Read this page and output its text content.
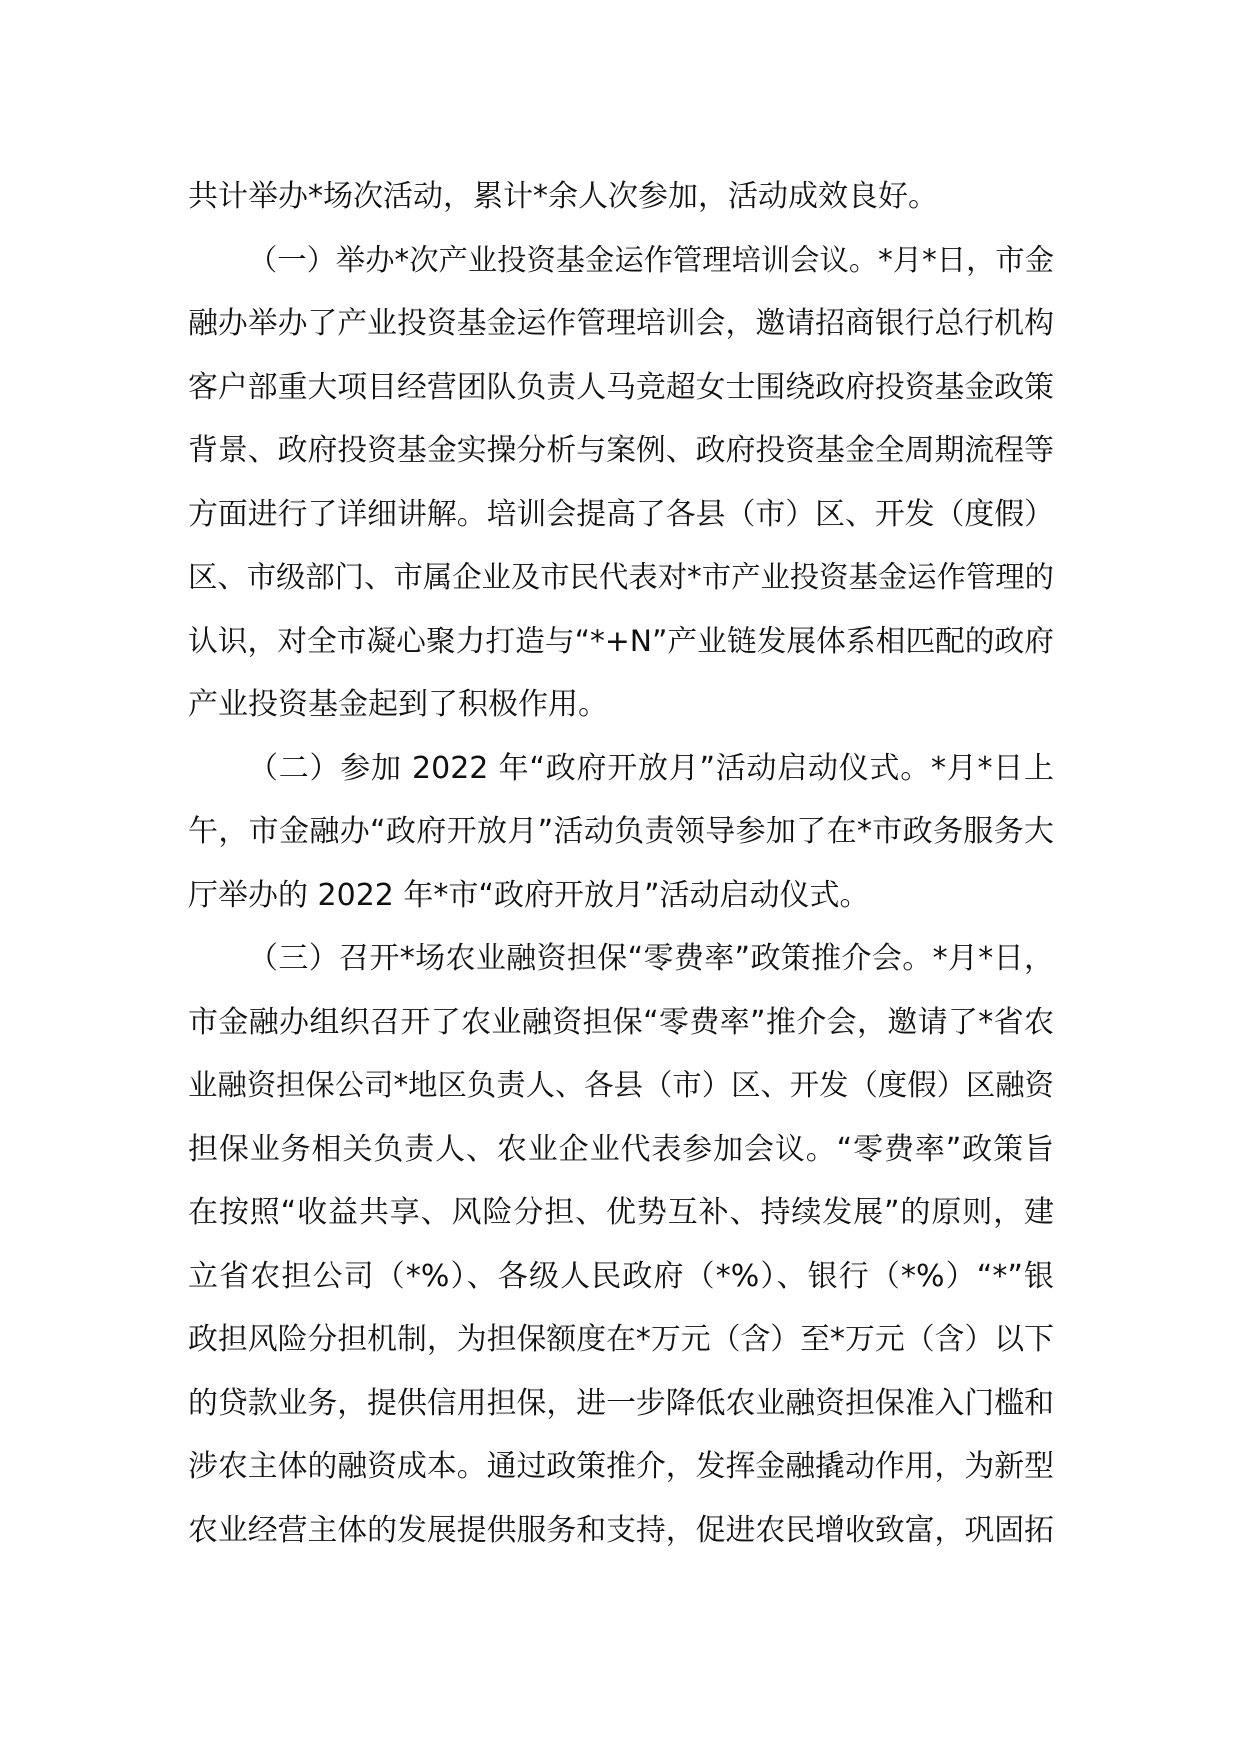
共计举办*场次活动，累计*余人次参加，活动成效良好。
（一）举办*次产业投资基金运作管理培训会议。*月*日，市金
融办举办了产业投资基金运作管理培训会，邀请招商银行总行机构
客户部重大项目经营团队负责人马竞超女士围绕政府投资基金政策
背景、政府投资基金实操分析与案例、政府投资基金全周期流程等
方面进行了详细讲解。培训会提高了各县（市）区、开发（度假）
区、市级部门、市属企业及市民代表对*市产业投资基金运作管理的
认识，对全市凝心聚力打造与“*+N”产业链发展体系相匹配的政府
产业投资基金起到了积极作用。
（二）参加 2022 年“政府开放月”活动启动仪式。*月*日上
午，市金融办“政府开放月”活动负责领导参加了在*市政务服务大
厅举办的 2022 年*市“政府开放月”活动启动仪式。
（三）召开*场农业融资担保“零费率”政策推介会。*月*日，
市金融办组织召开了农业融资担保“零费率”推介会，邀请了*省农
业融资担保公司*地区负责人、各县（市）区、开发（度假）区融资
担保业务相关负责人、农业企业代表参加会议。“零费率”政策旨
在按照“收益共享、风险分担、优势互补、持续发展”的原则，建
立省农担公司（*%）、各级人民政府（*%）、银行（*%）“*”银
政担风险分担机制，为担保额度在*万元（含）至*万元（含）以下
的贷款业务，提供信用担保，进一步降低农业融资担保准入门槛和
涉农主体的融资成本。通过政策推介，发挥金融撬动作用，为新型
农业经营主体的发展提供服务和支持，促进农民增收致富，巩固拓
